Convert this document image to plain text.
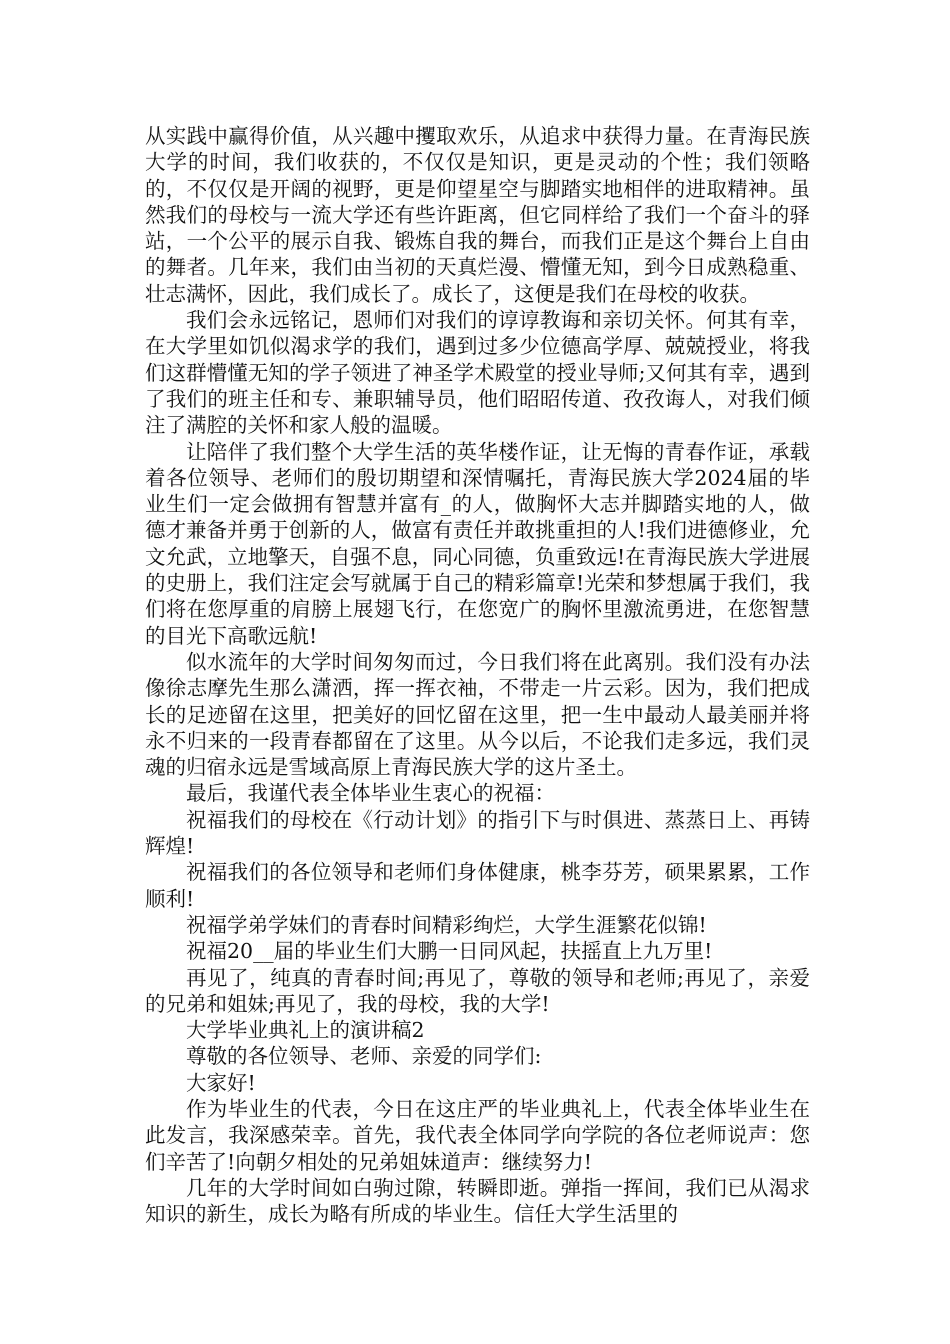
从实践中赢得价值，从兴趣中攫取欢乐，从追求中获得力量。在青海民族大学的时间，我们收获的，不仅仅是知识，更是灵动的个性；我们领略的，不仅仅是开阔的视野，更是仰望星空与脚踏实地相伴的进取精神。虽然我们的母校与一流大学还有些许距离，但它同样给了我们一个奋斗的驿站，一个公平的展示自我、锻炼自我的舞台，而我们正是这个舞台上自由的舞者。几年来，我们由当初的天真烂漫、懵懂无知，到今日成熟稳重、壮志满怀，因此，我们成长了。成长了，这便是我们在母校的收获。

我们会永远铭记，恩师们对我们的谆谆教诲和亲切关怀。何其有幸，在大学里如饥似渴求学的我们，遇到过多少位德高学厚、兢兢授业，将我们这群懵懂无知的学子领进了神圣学术殿堂的授业导师;又何其有幸，遇到了我们的班主任和专、兼职辅导员，他们昭昭传道、孜孜诲人，对我们倾注了满腔的关怀和家人般的温暖。

让陪伴了我们整个大学生活的英华楼作证，让无悔的青春作证，承载着各位领导、老师们的殷切期望和深情嘱托，青海民族大学2024届的毕业生们一定会做拥有智慧并富有_的人，做胸怀大志并脚踏实地的人，做德才兼备并勇于创新的人，做富有责任并敢挑重担的人!我们进德修业，允文允武，立地擎天，自强不息，同心同德，负重致远!在青海民族大学进展的史册上，我们注定会写就属于自己的精彩篇章!光荣和梦想属于我们，我们将在您厚重的肩膀上展翅飞行，在您宽广的胸怀里激流勇进，在您智慧的目光下高歌远航!

似水流年的大学时间匆匆而过，今日我们将在此离别。我们没有办法像徐志摩先生那么潇洒，挥一挥衣袖，不带走一片云彩。因为，我们把成长的足迹留在这里，把美好的回忆留在这里，把一生中最动人最美丽并将永不归来的一段青春都留在了这里。从今以后，不论我们走多远，我们灵魂的归宿永远是雪域高原上青海民族大学的这片圣土。

最后，我谨代表全体毕业生衷心的祝福：

祝福我们的母校在《行动计划》的指引下与时俱进、蒸蒸日上、再铸辉煌!

祝福我们的各位领导和老师们身体健康，桃李芬芳，硕果累累，工作顺利!

祝福学弟学妹们的青春时间精彩绚烂，大学生涯繁花似锦!

祝福20__届的毕业生们大鹏一日同风起，扶摇直上九万里!

再见了，纯真的青春时间;再见了，尊敬的领导和老师;再见了，亲爱的兄弟和姐妹;再见了，我的母校，我的大学!

大学毕业典礼上的演讲稿2

尊敬的各位领导、老师、亲爱的同学们:

大家好!

作为毕业生的代表，今日在这庄严的毕业典礼上，代表全体毕业生在此发言，我深感荣幸。首先，我代表全体同学向学院的各位老师说声：您们辛苦了!向朝夕相处的兄弟姐妹道声：继续努力!

几年的大学时间如白驹过隙，转瞬即逝。弹指一挥间，我们已从渴求知识的新生，成长为略有所成的毕业生。信任大学生活里的
